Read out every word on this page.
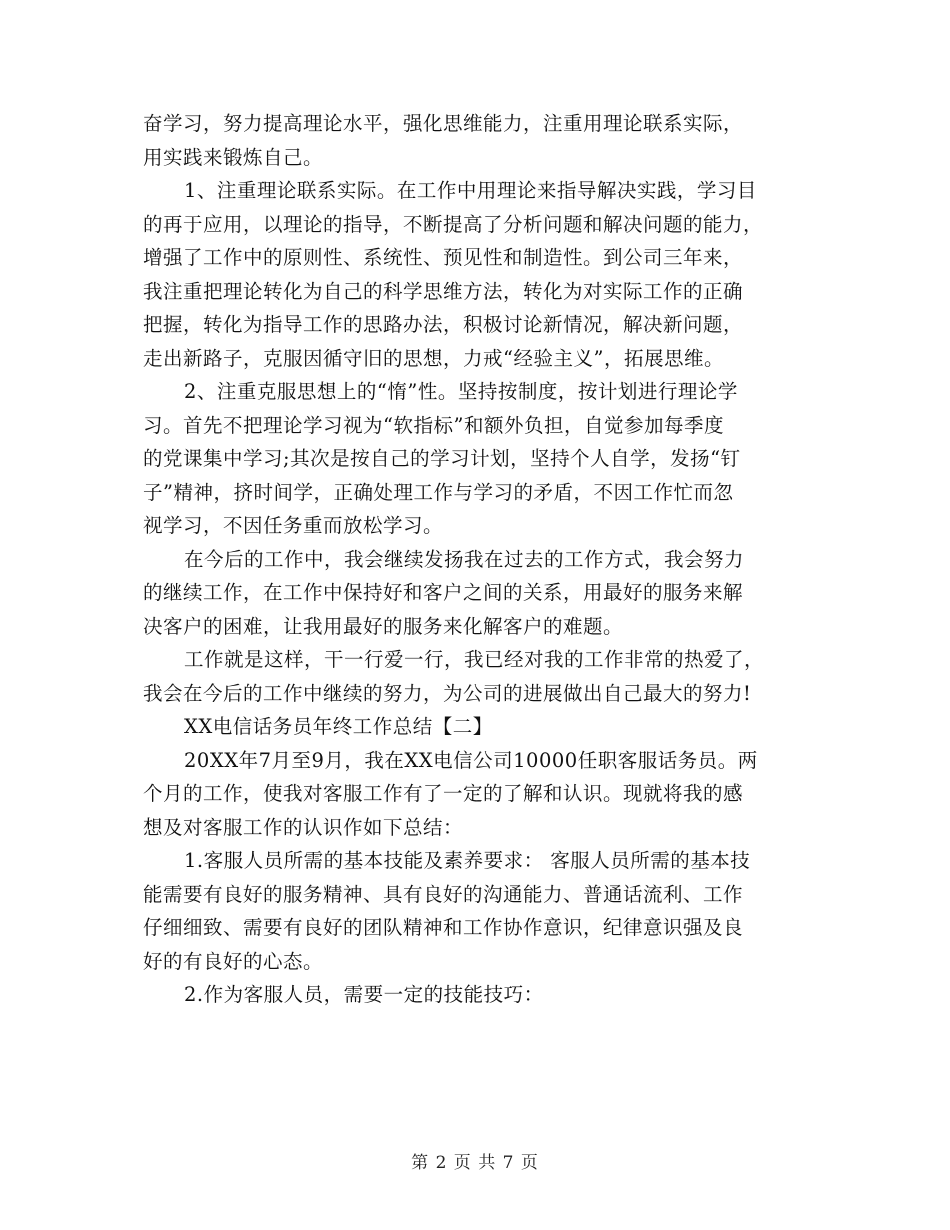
奋学习，努力提高理论水平，强化思维能力，注重用理论联系实际，

用实践来锻炼自己。

1、注重理论联系实际。在工作中用理论来指导解决实践，学习目

的再于应用，以理论的指导，不断提高了分析问题和解决问题的能力，

增强了工作中的原则性、系统性、预见性和制造性。到公司三年来，

我注重把理论转化为自己的科学思维方法，转化为对实际工作的正确

把握，转化为指导工作的思路办法，积极讨论新情况，解决新问题，

走出新路子，克服因循守旧的思想，力戒“经验主义”，拓展思维。

2、注重克服思想上的“惰”性。坚持按制度，按计划进行理论学

习。首先不把理论学习视为“软指标”和额外负担，自觉参加每季度

的党课集中学习;其次是按自己的学习计划，坚持个人自学，发扬“钉

子”精神，挤时间学，正确处理工作与学习的矛盾，不因工作忙而忽

视学习，不因任务重而放松学习。

在今后的工作中，我会继续发扬我在过去的工作方式，我会努力

的继续工作，在工作中保持好和客户之间的关系，用最好的服务来解

决客户的困难，让我用最好的服务来化解客户的难题。

工作就是这样，干一行爱一行，我已经对我的工作非常的热爱了，

我会在今后的工作中继续的努力，为公司的进展做出自己最大的努力!

XX电信话务员年终工作总结【二】

20XX年7月至9月，我在XX电信公司10000任职客服话务员。两

个月的工作，使我对客服工作有了一定的了解和认识。现就将我的感

想及对客服工作的认识作如下总结：

1.客服人员所需的基本技能及素养要求： 客服人员所需的基本技

能需要有良好的服务精神、具有良好的沟通能力、普通话流利、工作

仔细细致、需要有良好的团队精神和工作协作意识，纪律意识强及良

好的有良好的心态。

2.作为客服人员，需要一定的技能技巧：

第 2 页 共 7 页
